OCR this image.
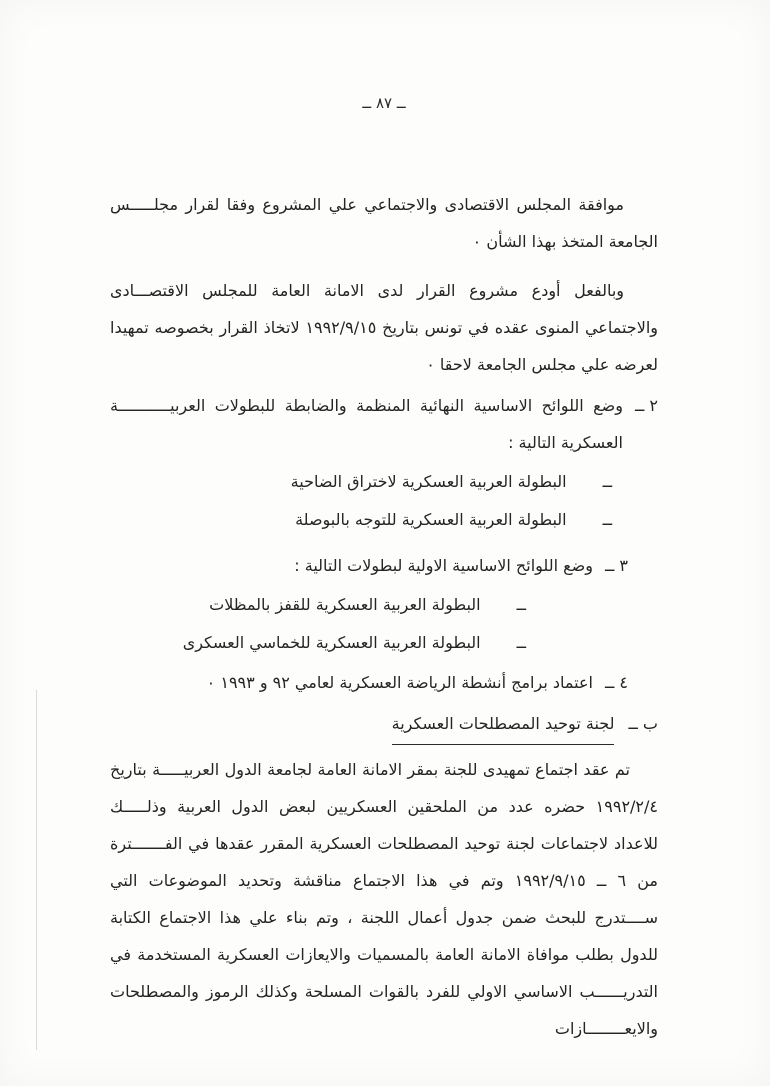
ــ ٨٧ ــ

موافقة المجلس الاقتصادى والاجتماعي علي المشروع وفقا لقرار مجلـــــس الجامعة المتخذ بهذا الشأن ٠

وبالفعل أودع مشروع القرار لدى الامانة العامة للمجلس الاقتصـــادى والاجتماعي المنوى عقده في تونس بتاريخ ١٩٩٢/٩/١٥ لاتخاذ القرار بخصوصه تمهيدا لعرضه علي مجلس الجامعة لاحقا ٠

٢ ــ
وضع اللوائح الاساسية النهائية المنظمة والضابطة للبطولات العربيـــــــــــة العسكرية التالية :
ــ
البطولة العربية العسكرية لاختراق الضاحية
ــ
البطولة العربية العسكرية للتوجه بالبوصلة
٣ ــ
وضع اللوائح الاساسية الاولية لبطولات التالية :
ــ
البطولة العربية العسكرية للقفز بالمظلات
ــ
البطولة العربية العسكرية للخماسي العسكرى
٤ ــ
اعتماد برامج أنشطة الرياضة العسكرية لعامي ٩٢ و ١٩٩٣ ٠
ب ــ
لجنة توحيد المصطلحات العسكرية

تم عقد اجتماع تمهيدى للجنة بمقر الامانة العامة لجامعة الدول العربيـــــة بتاريخ ١٩٩٢/٢/٤ حضره عدد من الملحقين العسكريين لبعض الدول العربية وذلـــــك للاعداد لاجتماعات لجنة توحيد المصطلحات العسكرية المقرر عقدها في الفـــــــترة من ٦ ــ ١٩٩٢/٩/١٥ وتم في هذا الاجتماع مناقشة وتحديد الموضوعات التي ســــتدرج للبحث ضمن جدول أعمال اللجنة ، وتم بناء علي هذا الاجتماع الكتابة للدول بطلب موافاة الامانة العامة بالمسميات والايعازات العسكرية المستخدمة في التدريــــــب الاساسي الاولي للفرد بالقوات المسلحة وكذلك الرموز والمصطلحات والايعــــــــازات
